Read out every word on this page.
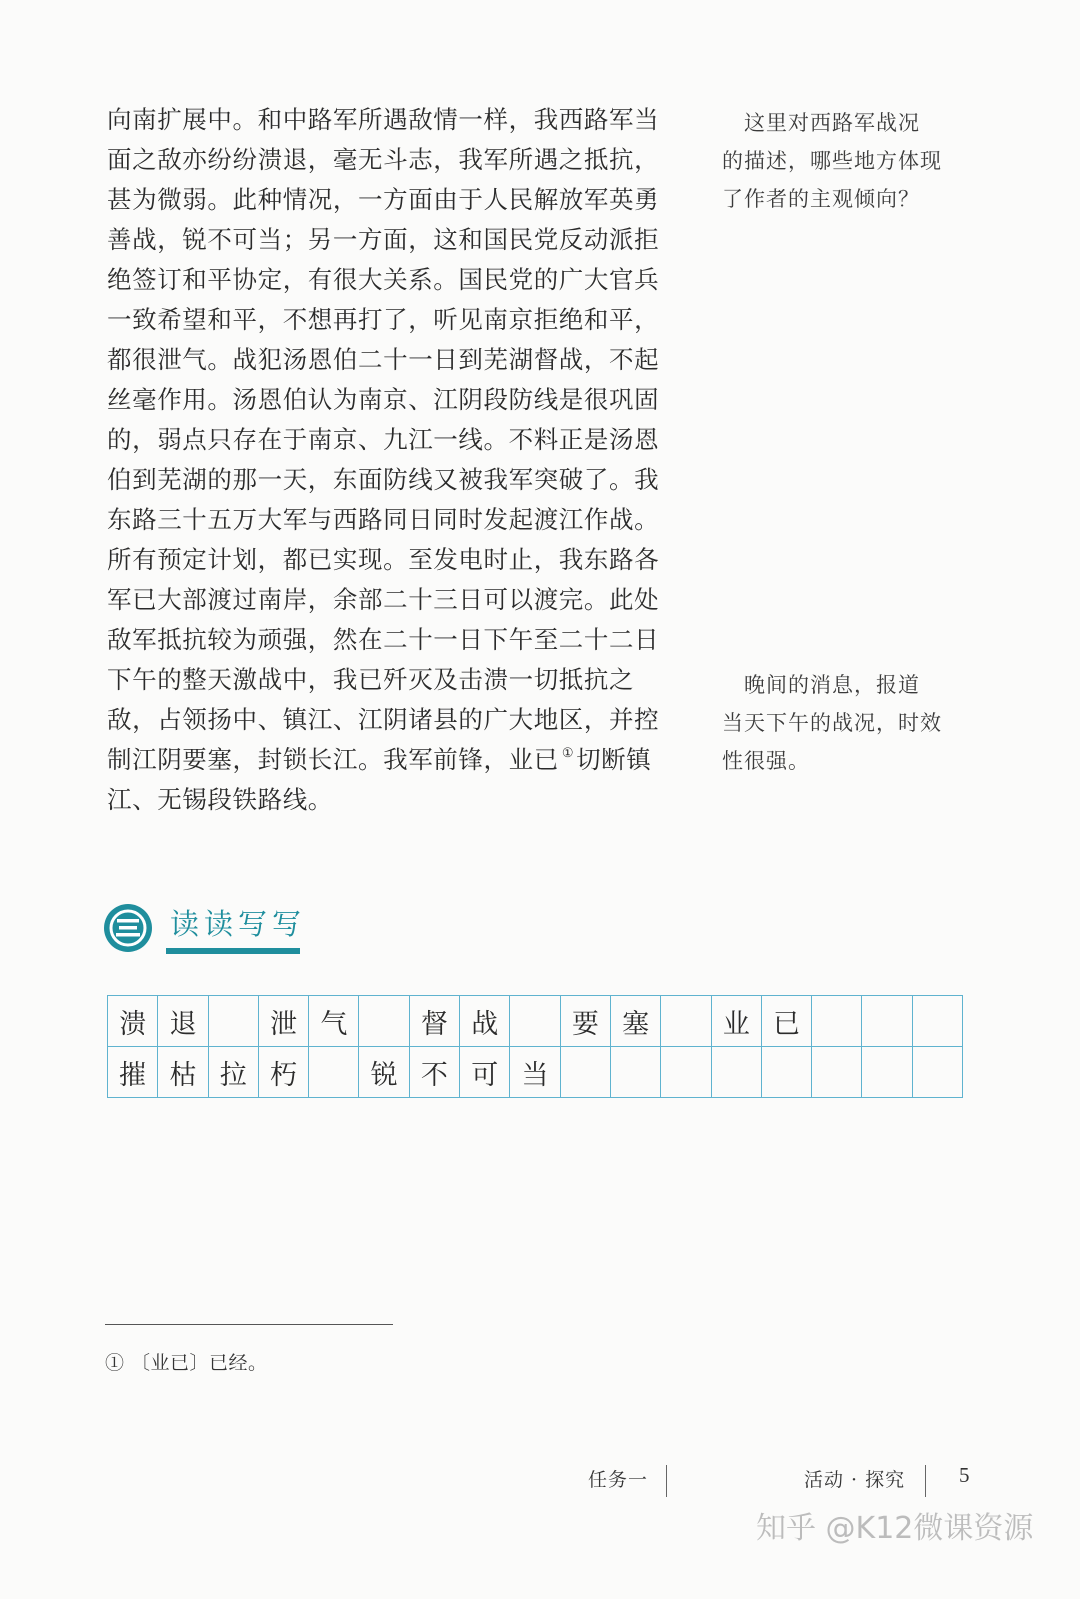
向南扩展中。和中路军所遇敌情一样，我西路军当
面之敌亦纷纷溃退，毫无斗志，我军所遇之抵抗，
甚为微弱。此种情况，一方面由于人民解放军英勇
善战，锐不可当；另一方面，这和国民党反动派拒
绝签订和平协定，有很大关系。国民党的广大官兵
一致希望和平，不想再打了，听见南京拒绝和平，
都很泄气。战犯汤恩伯二十一日到芜湖督战，不起
丝毫作用。汤恩伯认为南京、江阴段防线是很巩固
的，弱点只存在于南京、九江一线。不料正是汤恩
伯到芜湖的那一天，东面防线又被我军突破了。我
东路三十五万大军与西路同日同时发起渡江作战。
所有预定计划，都已实现。至发电时止，我东路各
军已大部渡过南岸，余部二十三日可以渡完。此处
敌军抵抗较为顽强，然在二十一日下午至二十二日
下午的整天激战中，我已歼灭及击溃一切抵抗之
敌，占领扬中、镇江、江阴诸县的广大地区，并控
制江阴要塞，封锁长江。我军前锋，业已 ①切断镇
江、无锡段铁路线。
　这里对西路军战况
的描述，哪些地方体现
了作者的主观倾向？
　晚间的消息，报道
当天下午的战况，时效
性很强。
读读写写
溃	退		泄	气		督	战		要	塞		业	已			
摧	枯	拉	朽		锐	不	可	当								
① 〔业已〕已经。
任务一	活动 · 探究	5
知乎 @K12微课资源
